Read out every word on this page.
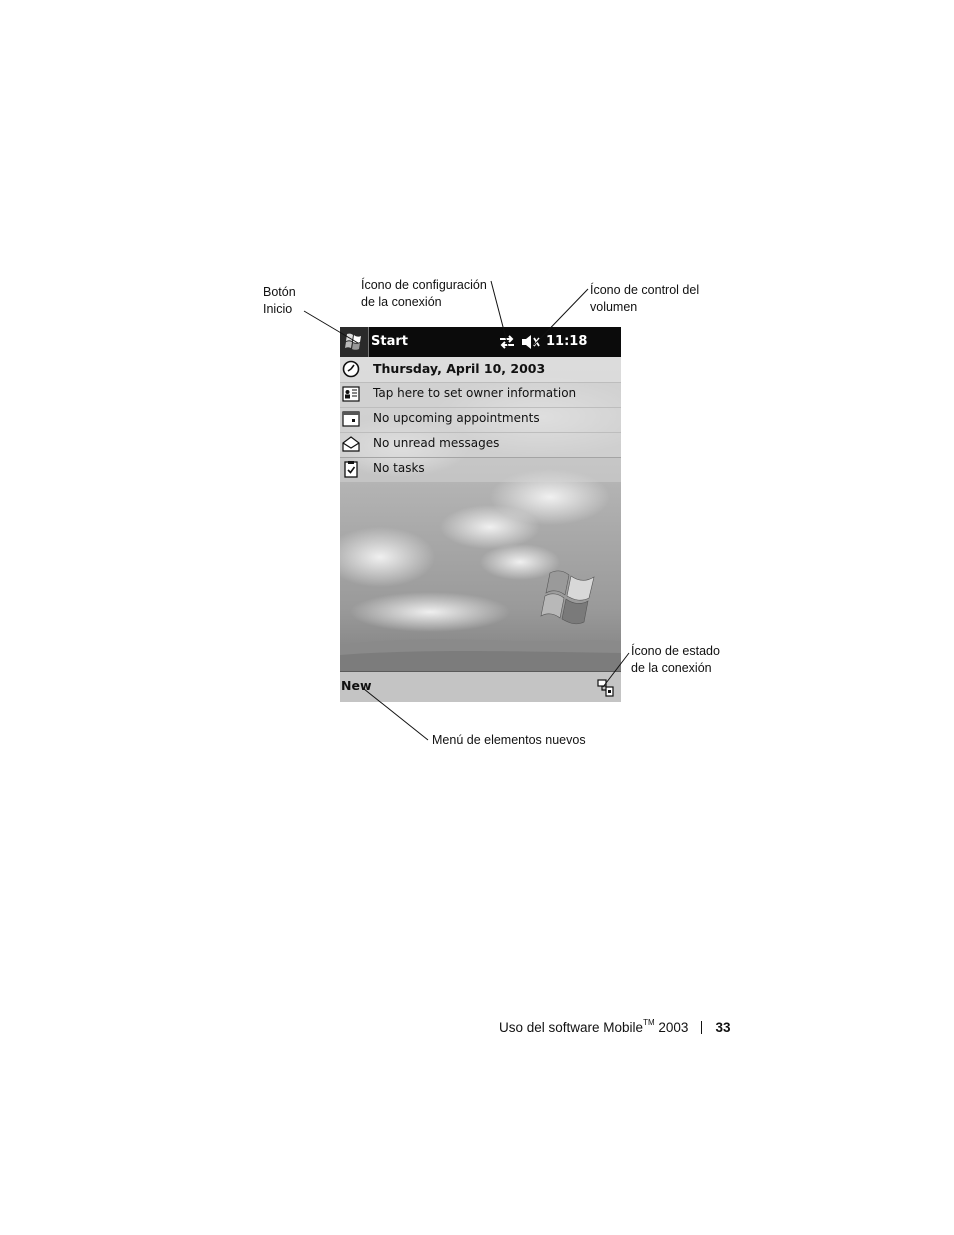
Botón
Inicio

Ícono de configuración
de la conexión

Ícono de control del
volumen

Ícono de estado
de la conexión

Menú de elementos nuevos

Start	11:18
Thursday, April 10, 2003
Tap here to set owner information
No upcoming appointments
No unread messages
No tasks
New
Uso del software Mobile™ 2003 33
